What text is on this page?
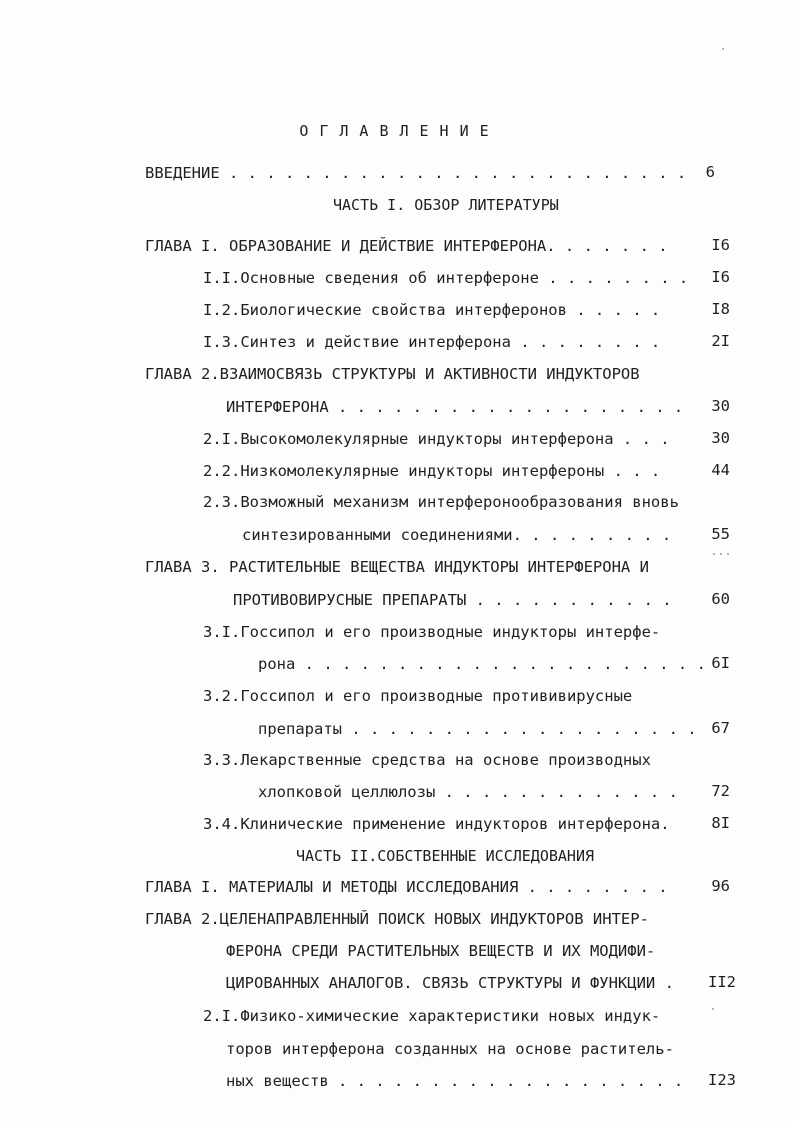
ОГЛАВЛЕНИЕ
ВВЕДЕНИЕ . . . . . . . . . . . . . . . . . . . . . . . . .	6
ЧАСТЬ I. ОБЗОР ЛИТЕРАТУРЫ
ГЛАВА I. ОБРАЗОВАНИЕ И ДЕЙСТВИЕ ИНТЕРФЕРОНА. . . . . . .	I6
I.I.Основные сведения об интерфероне . . . . . . . .	I6
I.2.Биологические свойства интерферонов . . . . .	I8
I.3.Синтез и действие интерферона . . . . . . . .	2I
ГЛАВА 2.ВЗАИМОСВЯЗЬ СТРУКТУРЫ И АКТИВНОСТИ ИНДУКТОРОВ
ИНТЕРФЕРОНА . . . . . . . . . . . . . . . . . . .	30
2.I.Высокомолекулярные индукторы интерферона . . .	30
2.2.Низкомолекулярные индукторы интерфероны . . .	44
2.3.Возможный механизм интерферонообразования вновь
синтезированными соединениями. . . . . . . . .	55
ГЛАВА 3. РАСТИТЕЛЬНЫЕ ВЕЩЕСТВА ИНДУКТОРЫ ИНТЕРФЕРОНА И
ПРОТИВОВИРУСНЫЕ ПРЕПАРАТЫ . . . . . . . . . . .	60
3.I.Госсипол и его производные индукторы интерфе-
рона . . . . . . . . . . . . . . . . . . . . . . 6I
3.2.Госсипол и его производные протививирусные
препараты . . . . . . . . . . . . . . . . . . . 67
3.3.Лекарственные средства на основе производных
хлопковой целлюлозы . . . . . . . . . . . . .	72
3.4.Клинические применение индукторов интерферона.	8I
ЧАСТЬ II.СОБСТВЕННЫЕ ИССЛЕДОВАНИЯ
ГЛАВА I. МАТЕРИАЛЫ И МЕТОДЫ ИССЛЕДОВАНИЯ . . . . . . . .	96
ГЛАВА 2.ЦЕЛЕНАПРАВЛЕННЫЙ ПОИСК НОВЫХ ИНДУКТОРОВ ИНТЕР-
ФЕРОНА СРЕДИ РАСТИТЕЛЬНЫХ ВЕЩЕСТВ И ИХ МОДИФИ-
ЦИРОВАННЫХ АНАЛОГОВ. СВЯЗЬ СТРУКТУРЫ И ФУНКЦИИ .	II2
2.I.Физико-химические характеристики новых индук-
торов интерферона созданных на основе раститель-
ных веществ . . . . . . . . . . . . . . . . . . .	I23
